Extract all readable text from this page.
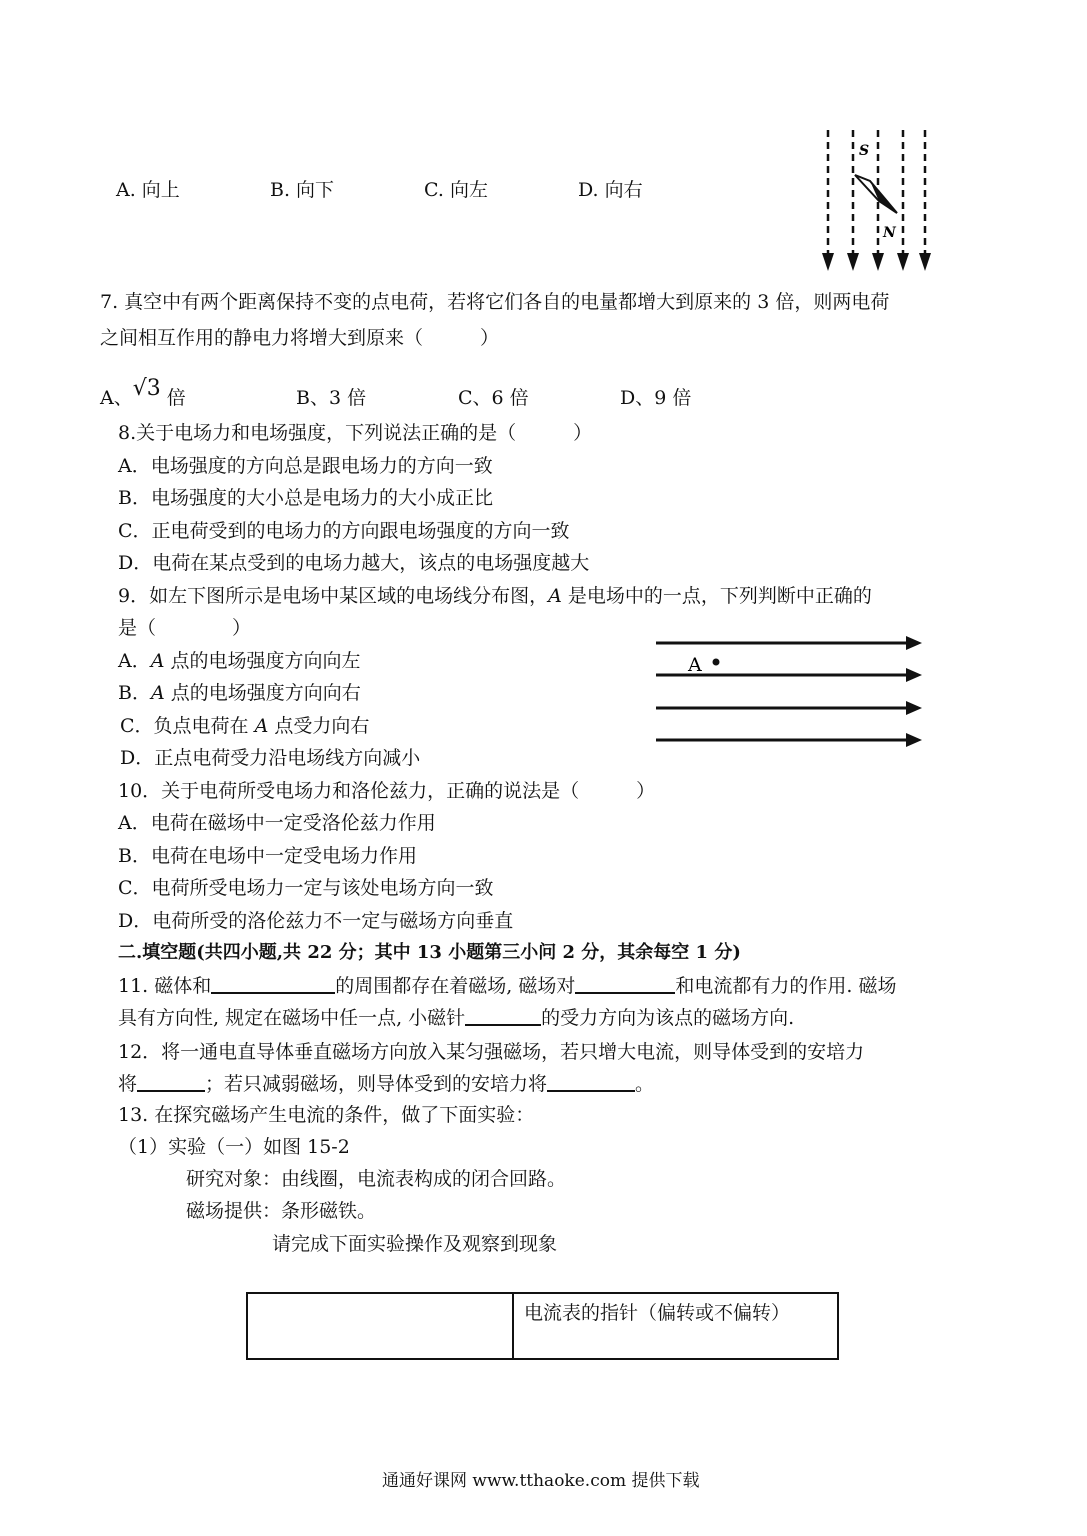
A. 向上	B. 向下	C. 向左	D. 向右
S
N
7. 真空中有两个距离保持不变的点电荷，若将它们各自的电量都增大到原来的 3 倍，则两电荷
之间相互作用的静电力将增大到原来（　　　）
A、√3 倍	B、3 倍	C、6 倍	D、9 倍
8.关于电场力和电场强度，下列说法正确的是（　　　）
A．电场强度的方向总是跟电场力的方向一致
B．电场强度的大小总是电场力的大小成正比
C．正电荷受到的电场力的方向跟电场强度的方向一致
D．电荷在某点受到的电场力越大，该点的电场强度越大
9．如左下图所示是电场中某区域的电场线分布图，A 是电场中的一点，下列判断中正确的
是（　　　　）
A．A 点的电场强度方向向左
B．A 点的电场强度方向向右
C．负点电荷在 A 点受力向右
D．正点电荷受力沿电场线方向减小
A
10．关于电荷所受电场力和洛伦兹力，正确的说法是（　　　）
A．电荷在磁场中一定受洛伦兹力作用
B．电荷在电场中一定受电场力作用
C．电荷所受电场力一定与该处电场方向一致
D．电荷所受的洛伦兹力不一定与磁场方向垂直
二.填空题(共四小题,共 22 分；其中 13 小题第三小问 2 分，其余每空 1 分)
11. 磁体和	的周围都存在着磁场, 磁场对	和电流都有力的作用. 磁场
具有方向性, 规定在磁场中任一点, 小磁针	的受力方向为该点的磁场方向.
12．将一通电直导体垂直磁场方向放入某匀强磁场，若只增大电流，则导体受到的安培力
将	；若只减弱磁场，则导体受到的安培力将	。
13. 在探究磁场产生电流的条件，做了下面实验：
（1）实验（一）如图 15-2
研究对象：由线圈，电流表构成的闭合回路。
磁场提供：条形磁铁。
请完成下面实验操作及观察到现象
	电流表的指针（偏转或不偏转）
通通好课网 www.tthaoke.com 提供下载
